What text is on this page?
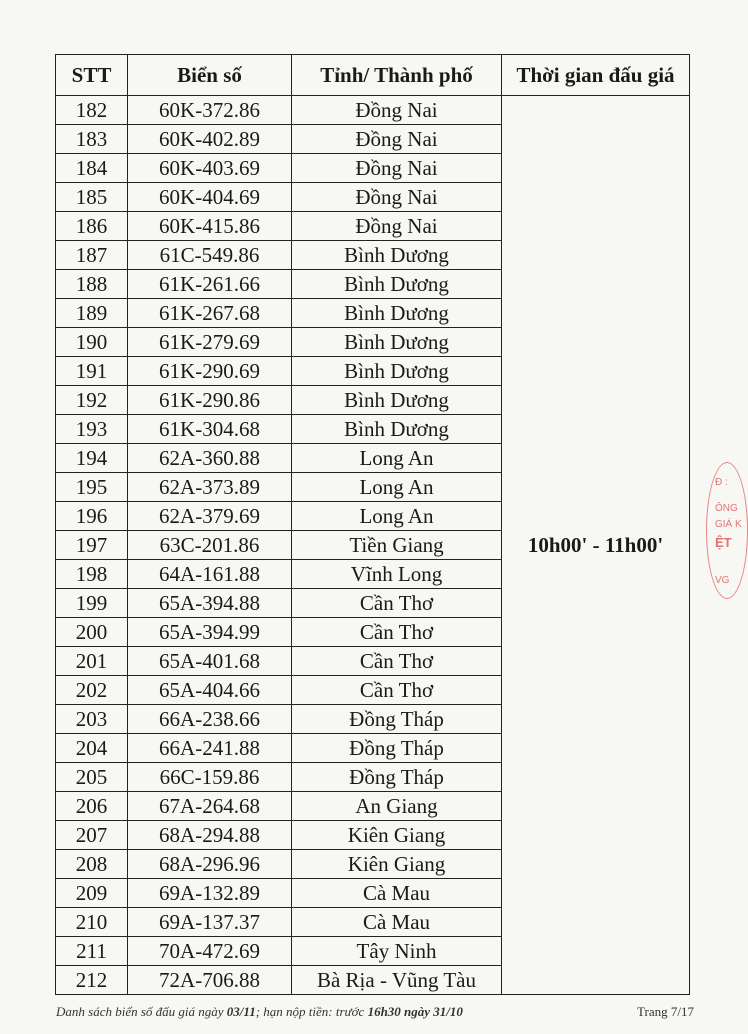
STT	Biển số	Tỉnh/ Thành phố	Thời gian đấu giá
182	60K-372.86	Đồng Nai	10h00' - 11h00'
183	60K-402.89	Đồng Nai	
184	60K-403.69	Đồng Nai	
185	60K-404.69	Đồng Nai	
186	60K-415.86	Đồng Nai	
187	61C-549.86	Bình Dương	
188	61K-261.66	Bình Dương	
189	61K-267.68	Bình Dương	
190	61K-279.69	Bình Dương	
191	61K-290.69	Bình Dương	
192	61K-290.86	Bình Dương	
193	61K-304.68	Bình Dương	
194	62A-360.88	Long An	
195	62A-373.89	Long An	
196	62A-379.69	Long An	
197	63C-201.86	Tiền Giang	
198	64A-161.88	Vĩnh Long	
199	65A-394.88	Cần Thơ	
200	65A-394.99	Cần Thơ	
201	65A-401.68	Cần Thơ	
202	65A-404.66	Cần Thơ	
203	66A-238.66	Đồng Tháp	
204	66A-241.88	Đồng Tháp	
205	66C-159.86	Đồng Tháp	
206	67A-264.68	An Giang	
207	68A-294.88	Kiên Giang	
208	68A-296.96	Kiên Giang	
209	69A-132.89	Cà Mau	
210	69A-137.37	Cà Mau	
211	70A-472.69	Tây Ninh	
212	72A-706.88	Bà Rịa - Vũng Tàu	
Đ :
ÔNG
GIÁ K
ỆT
VG
Danh sách biển số đấu giá ngày 03/11; hạn nộp tiền: trước 16h30 ngày 31/10	Trang 7/17
